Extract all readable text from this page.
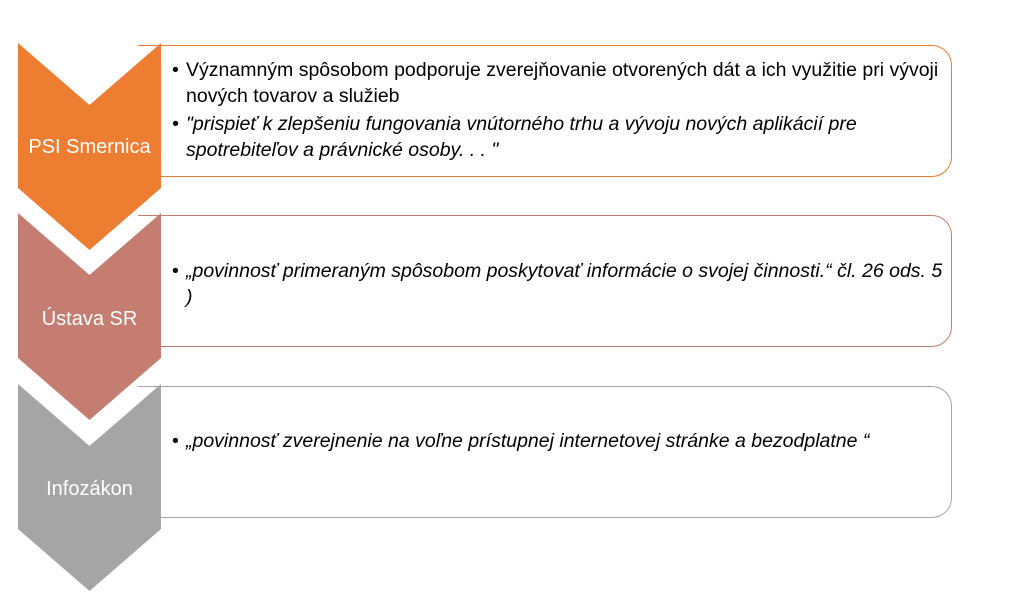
PSI Smernica
• Významným spôsobom podporuje zverejňovanie otvorených dát a ich využitie pri vývoji nových tovarov a služieb
• "prispieť k zlepšeniu fungovania vnútorného trhu a vývoju nových aplikácií pre spotrebiteľov a právnické osoby. . . "
Ústava SR
• „povinnosť primeraným spôsobom poskytovať informácie o svojej činnosti.“ čl. 26 ods. 5 )
Infozákon
• „povinnosť zverejnenie na voľne prístupnej internetovej stránke a bezodplatne “
